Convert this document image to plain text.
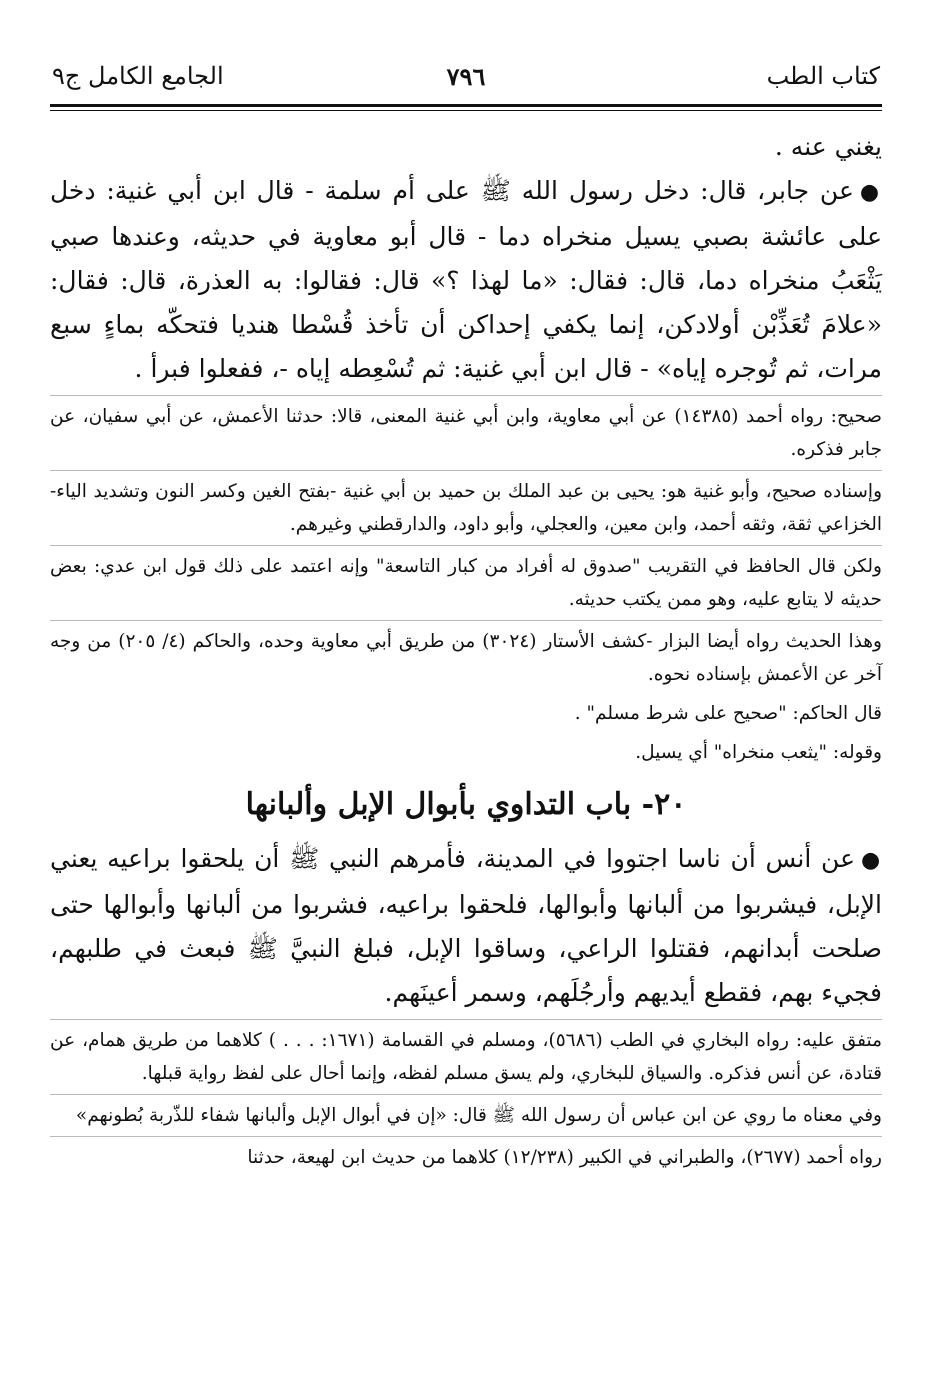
كتاب الطب
٧٩٦
الجامع الكامل ج٩

يغني عنه .

●عن جابر، قال: دخل رسول الله ﷺ على أم سلمة - قال ابن أبي غنية: دخل على عائشة بصبي يسيل منخراه دما - قال أبو معاوية في حديثه، وعندها صبي يَثْعَبُ منخراه دما، قال: فقال: «ما لهذا ؟» قال: فقالوا: به العذرة، قال: فقال: «علامَ تُعَذِّبْن أولادكن، إنما يكفي إحداكن أن تأخذ قُسْطا هنديا فتحكّه بماءٍ سبع مرات، ثم تُوجره إياه» - قال ابن أبي غنية: ثم تُسْعِطه إياه -، ففعلوا فبرأ .

صحيح: رواه أحمد (١٤٣٨٥) عن أبي معاوية، وابن أبي غنية المعنى، قالا: حدثنا الأعمش، عن أبي سفيان، عن جابر فذكره.

وإسناده صحيح، وأبو غنية هو: يحيى بن عبد الملك بن حميد بن أبي غنية -بفتح الغين وكسر النون وتشديد الياء- الخزاعي ثقة، وثقه أحمد، وابن معين، والعجلي، وأبو داود، والدارقطني وغيرهم.

ولكن قال الحافظ في التقريب "صدوق له أفراد من كبار التاسعة" وإنه اعتمد على ذلك قول ابن عدي: بعض حديثه لا يتابع عليه، وهو ممن يكتب حديثه.

وهذا الحديث رواه أيضا البزار -كشف الأستار (٣٠٢٤) من طريق أبي معاوية وحده، والحاكم (٤/ ٢٠٥) من وجه آخر عن الأعمش بإسناده نحوه.

قال الحاكم: "صحيح على شرط مسلم" .

وقوله: "يثعب منخراه" أي يسيل.

٢٠- باب التداوي بأبوال الإبل وألبانها

●عن أنس أن ناسا اجتووا في المدينة، فأمرهم النبي ﷺ أن يلحقوا براعيه يعني الإبل، فيشربوا من ألبانها وأبوالها، فلحقوا براعيه، فشربوا من ألبانها وأبوالها حتى صلحت أبدانهم، فقتلوا الراعي، وساقوا الإبل، فبلغ النبيَّ ﷺ فبعث في طلبهم، فجيء بهم، فقطع أيديهم وأرجُلَهم، وسمر أعينَهم.

متفق عليه: رواه البخاري في الطب (٥٦٨٦)، ومسلم في القسامة (١٦٧١: . . . ) كلاهما من طريق همام، عن قتادة، عن أنس فذكره. والسياق للبخاري، ولم يسق مسلم لفظه، وإنما أحال على لفظ رواية قبلها.

وفي معناه ما روي عن ابن عباس أن رسول الله ﷺ قال: «إن في أبوال الإبل وألبانها شفاء للذّربة بُطونهم»

رواه أحمد (٢٦٧٧)، والطبراني في الكبير (١٢/٢٣٨) كلاهما من حديث ابن لهيعة، حدثنا
